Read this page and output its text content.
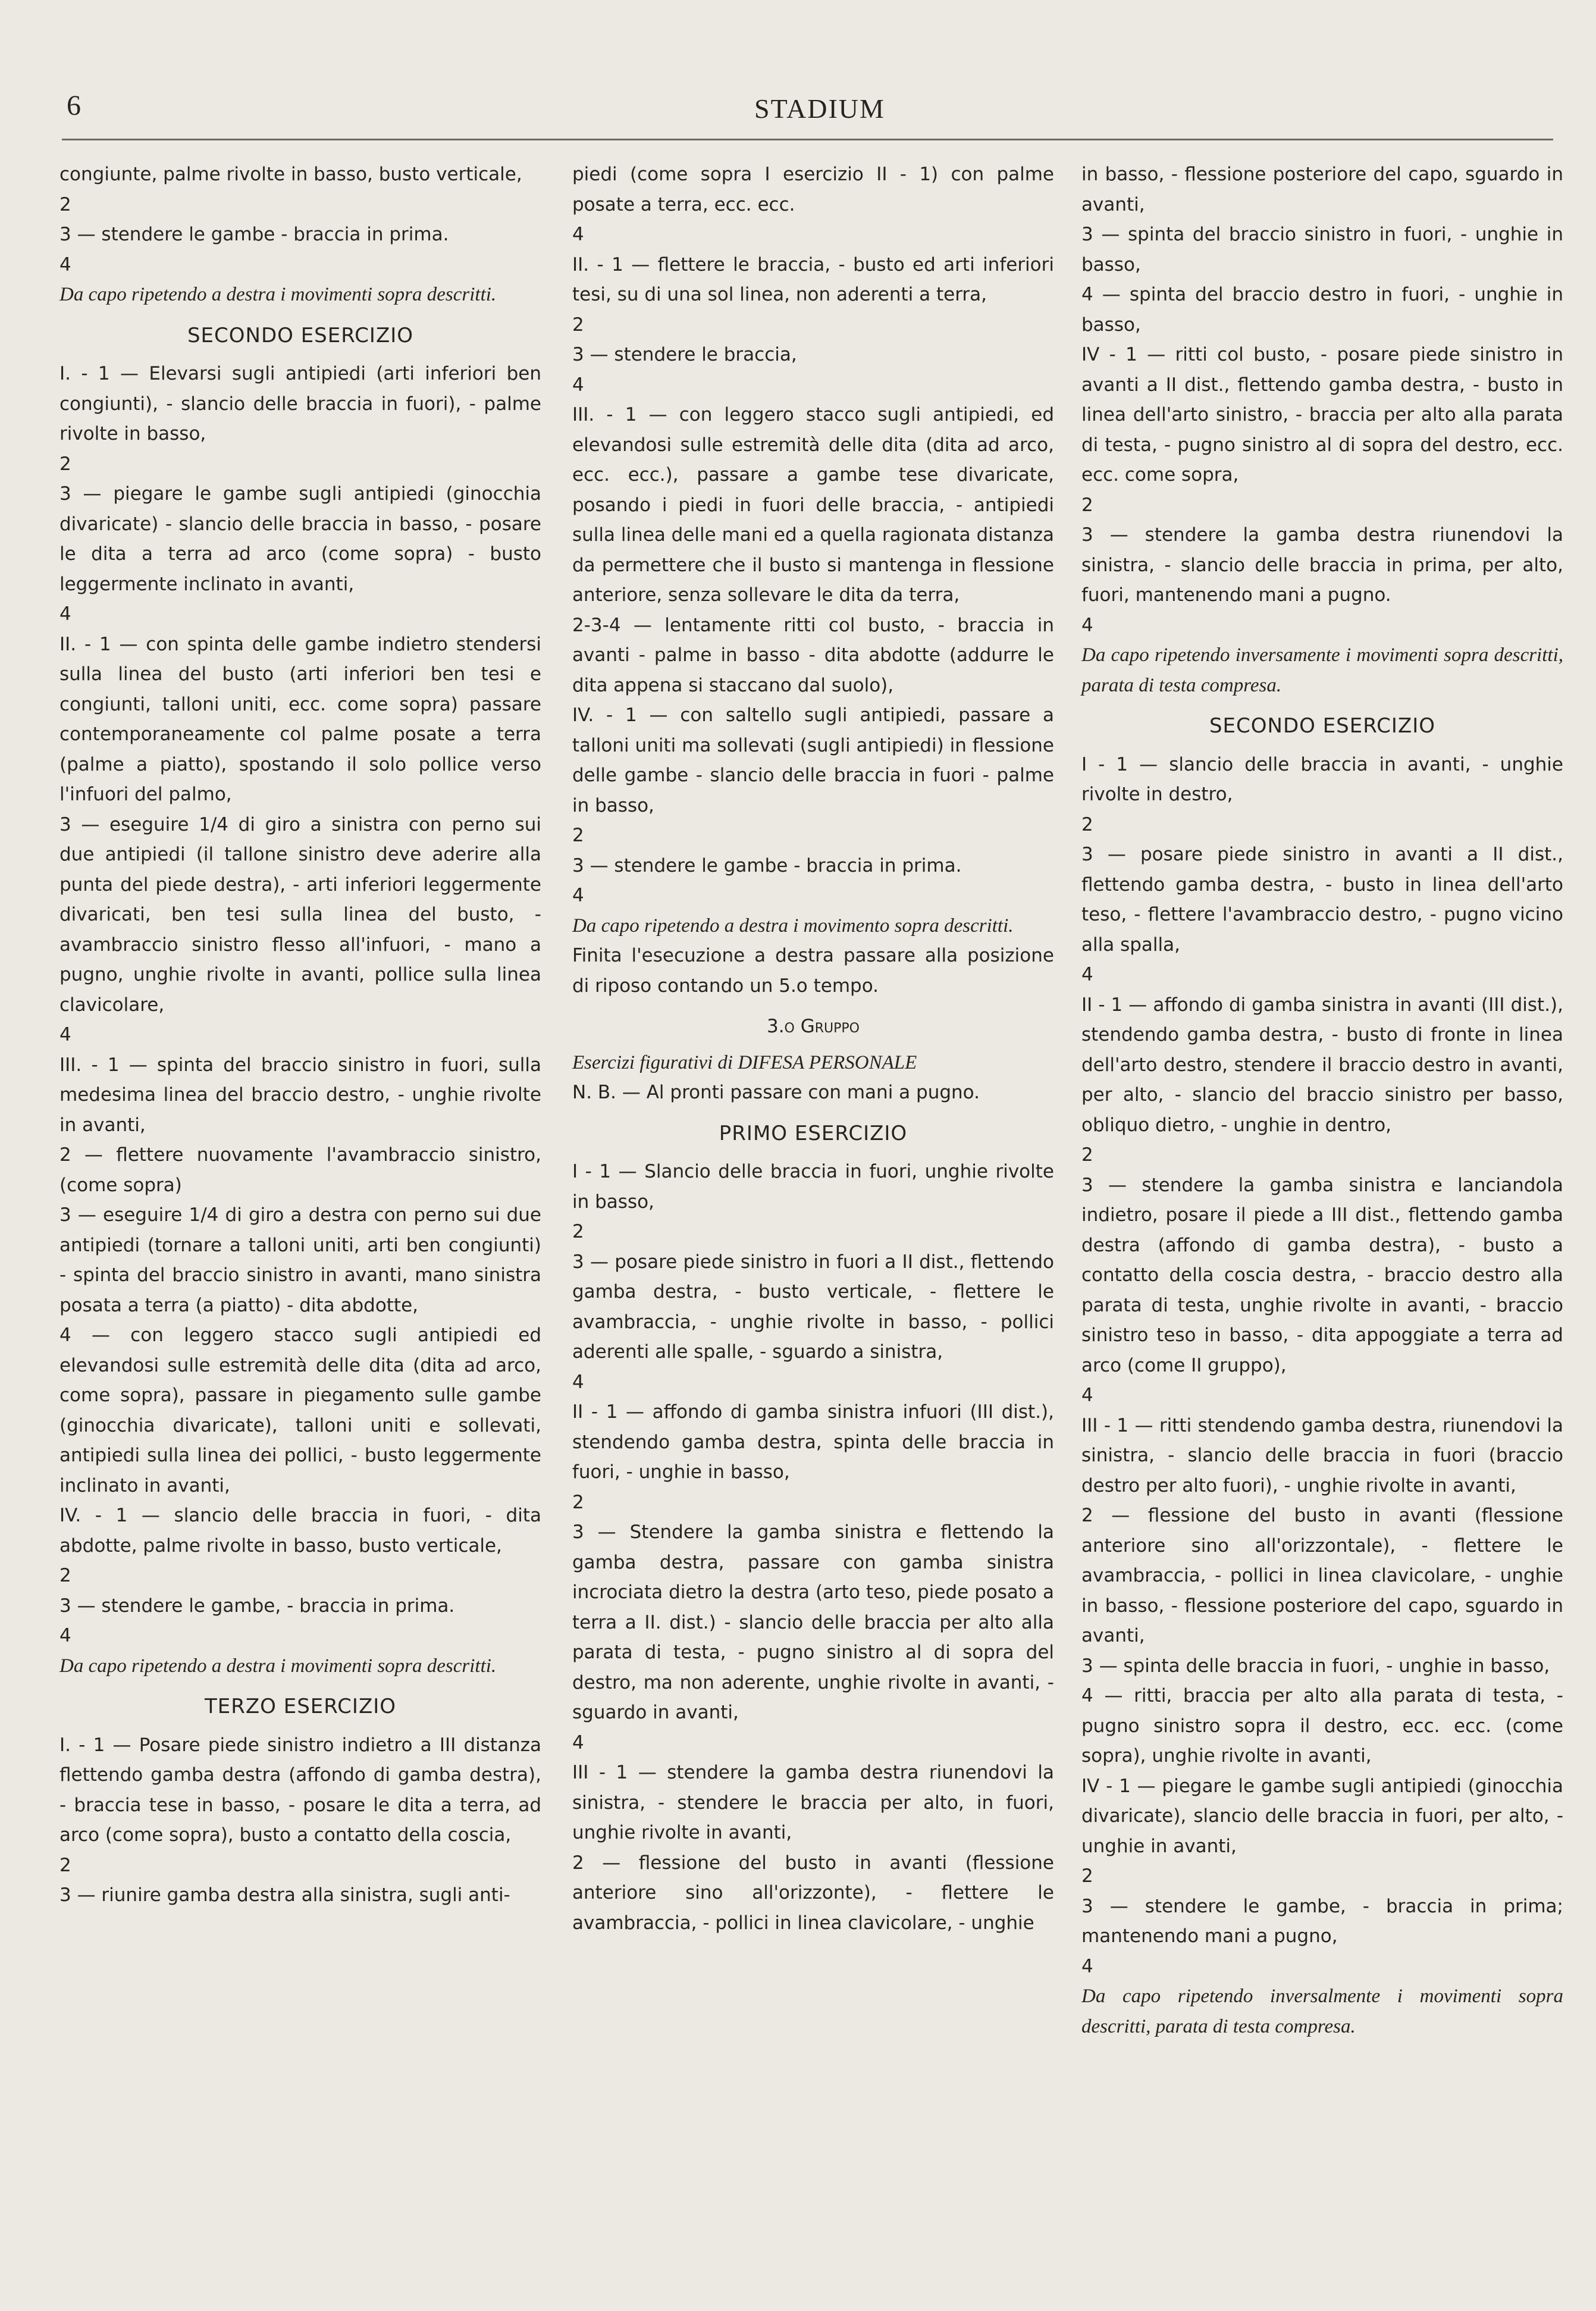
6	STADIUM

congiunte, palme rivolte in basso, busto verticale,

2

3 — stendere le gambe - braccia in prima.

4

Da capo ripetendo a destra i movimenti sopra descritti.

SECONDO ESERCIZIO

I. - 1 — Elevarsi sugli antipiedi (arti inferiori ben congiunti), - slancio delle braccia in fuori), - palme rivolte in basso,

2

3 — piegare le gambe sugli antipiedi (ginocchia divaricate) - slancio delle braccia in basso, - posare le dita a terra ad arco (come sopra) - busto leggermente inclinato in avanti,

4

II. - 1 — con spinta delle gambe indietro stendersi sulla linea del busto (arti inferiori ben tesi e congiunti, talloni uniti, ecc. come sopra) passare contemporaneamente col palme posate a terra (palme a piatto), spostando il solo pollice verso l'infuori del palmo,

3 — eseguire 1/4 di giro a sinistra con perno sui due antipiedi (il tallone sinistro deve aderire alla punta del piede destra), - arti inferiori leggermente divaricati, ben tesi sulla linea del busto, - avambraccio sinistro flesso all'infuori, - mano a pugno, unghie rivolte in avanti, pollice sulla linea clavicolare,

4

III. - 1 — spinta del braccio sinistro in fuori, sulla medesima linea del braccio destro, - unghie rivolte in avanti,

2 — flettere nuovamente l'avambraccio sinistro, (come sopra)

3 — eseguire 1/4 di giro a destra con perno sui due antipiedi (tornare a talloni uniti, arti ben congiunti) - spinta del braccio sinistro in avanti, mano sinistra posata a terra (a piatto) - dita abdotte,

4 — con leggero stacco sugli antipiedi ed elevandosi sulle estremità delle dita (dita ad arco, come sopra), passare in piegamento sulle gambe (ginocchia divaricate), talloni uniti e sollevati, antipiedi sulla linea dei pollici, - busto leggermente inclinato in avanti,

IV. - 1 — slancio delle braccia in fuori, - dita abdotte, palme rivolte in basso, busto verticale,

2

3 — stendere le gambe, - braccia in prima.

4

Da capo ripetendo a destra i movimenti sopra descritti.

TERZO ESERCIZIO

I. - 1 — Posare piede sinistro indietro a III distanza flettendo gamba destra (affondo di gamba destra), - braccia tese in basso, - posare le dita a terra, ad arco (come sopra), busto a contatto della coscia,

2

3 — riunire gamba destra alla sinistra, sugli anti-

piedi (come sopra I esercizio II - 1) con palme posate a terra, ecc. ecc.

4

II. - 1 — flettere le braccia, - busto ed arti inferiori tesi, su di una sol linea, non aderenti a terra,

2

3 — stendere le braccia,

4

III. - 1 — con leggero stacco sugli antipiedi, ed elevandosi sulle estremità delle dita (dita ad arco, ecc. ecc.), passare a gambe tese divaricate, posando i piedi in fuori delle braccia, - antipiedi sulla linea delle mani ed a quella ragionata distanza da permettere che il busto si mantenga in flessione anteriore, senza sollevare le dita da terra,

2-3-4 — lentamente ritti col busto, - braccia in avanti - palme in basso - dita abdotte (addurre le dita appena si staccano dal suolo),

IV. - 1 — con saltello sugli antipiedi, passare a talloni uniti ma sollevati (sugli antipiedi) in flessione delle gambe - slancio delle braccia in fuori - palme in basso,

2

3 — stendere le gambe - braccia in prima.

4

Da capo ripetendo a destra i movimento sopra descritti.

Finita l'esecuzione a destra passare alla posizione di riposo contando un 5.o tempo.

3.o Gruppo

Esercizi figurativi di DIFESA PERSONALE

N. B. — Al pronti passare con mani a pugno.

PRIMO ESERCIZIO

I - 1 — Slancio delle braccia in fuori, unghie rivolte in basso,

2

3 — posare piede sinistro in fuori a II dist., flettendo gamba destra, - busto verticale, - flettere le avambraccia, - unghie rivolte in basso, - pollici aderenti alle spalle, - sguardo a sinistra,

4

II - 1 — affondo di gamba sinistra infuori (III dist.), stendendo gamba destra, spinta delle braccia in fuori, - unghie in basso,

2

3 — Stendere la gamba sinistra e flettendo la gamba destra, passare con gamba sinistra incrociata dietro la destra (arto teso, piede posato a terra a II. dist.) - slancio delle braccia per alto alla parata di testa, - pugno sinistro al di sopra del destro, ma non aderente, unghie rivolte in avanti, - sguardo in avanti,

4

III - 1 — stendere la gamba destra riunendovi la sinistra, - stendere le braccia per alto, in fuori, unghie rivolte in avanti,

2 — flessione del busto in avanti (flessione anteriore sino all'orizzonte), - flettere le avambraccia, - pollici in linea clavicolare, - unghie

in basso, - flessione posteriore del capo, sguardo in avanti,

3 — spinta del braccio sinistro in fuori, - unghie in basso,

4 — spinta del braccio destro in fuori, - unghie in basso,

IV - 1 — ritti col busto, - posare piede sinistro in avanti a II dist., flettendo gamba destra, - busto in linea dell'arto sinistro, - braccia per alto alla parata di testa, - pugno sinistro al di sopra del destro, ecc. ecc. come sopra,

2

3 — stendere la gamba destra riunendovi la sinistra, - slancio delle braccia in prima, per alto, fuori, mantenendo mani a pugno.

4

Da capo ripetendo inversamente i movimenti sopra descritti, parata di testa compresa.

SECONDO ESERCIZIO

I - 1 — slancio delle braccia in avanti, - unghie rivolte in destro,

2

3 — posare piede sinistro in avanti a II dist., flettendo gamba destra, - busto in linea dell'arto teso, - flettere l'avambraccio destro, - pugno vicino alla spalla,

4

II - 1 — affondo di gamba sinistra in avanti (III dist.), stendendo gamba destra, - busto di fronte in linea dell'arto destro, stendere il braccio destro in avanti, per alto, - slancio del braccio sinistro per basso, obliquo dietro, - unghie in dentro,

2

3 — stendere la gamba sinistra e lanciandola indietro, posare il piede a III dist., flettendo gamba destra (affondo di gamba destra), - busto a contatto della coscia destra, - braccio destro alla parata di testa, unghie rivolte in avanti, - braccio sinistro teso in basso, - dita appoggiate a terra ad arco (come II gruppo),

4

III - 1 — ritti stendendo gamba destra, riunendovi la sinistra, - slancio delle braccia in fuori (braccio destro per alto fuori), - unghie rivolte in avanti,

2 — flessione del busto in avanti (flessione anteriore sino all'orizzontale), - flettere le avambraccia, - pollici in linea clavicolare, - unghie in basso, - flessione posteriore del capo, sguardo in avanti,

3 — spinta delle braccia in fuori, - unghie in basso,

4 — ritti, braccia per alto alla parata di testa, - pugno sinistro sopra il destro, ecc. ecc. (come sopra), unghie rivolte in avanti,

IV - 1 — piegare le gambe sugli antipiedi (ginocchia divaricate), slancio delle braccia in fuori, per alto, - unghie in avanti,

2

3 — stendere le gambe, - braccia in prima; mantenendo mani a pugno,

4

Da capo ripetendo inversalmente i movimenti sopra descritti, parata di testa compresa.
